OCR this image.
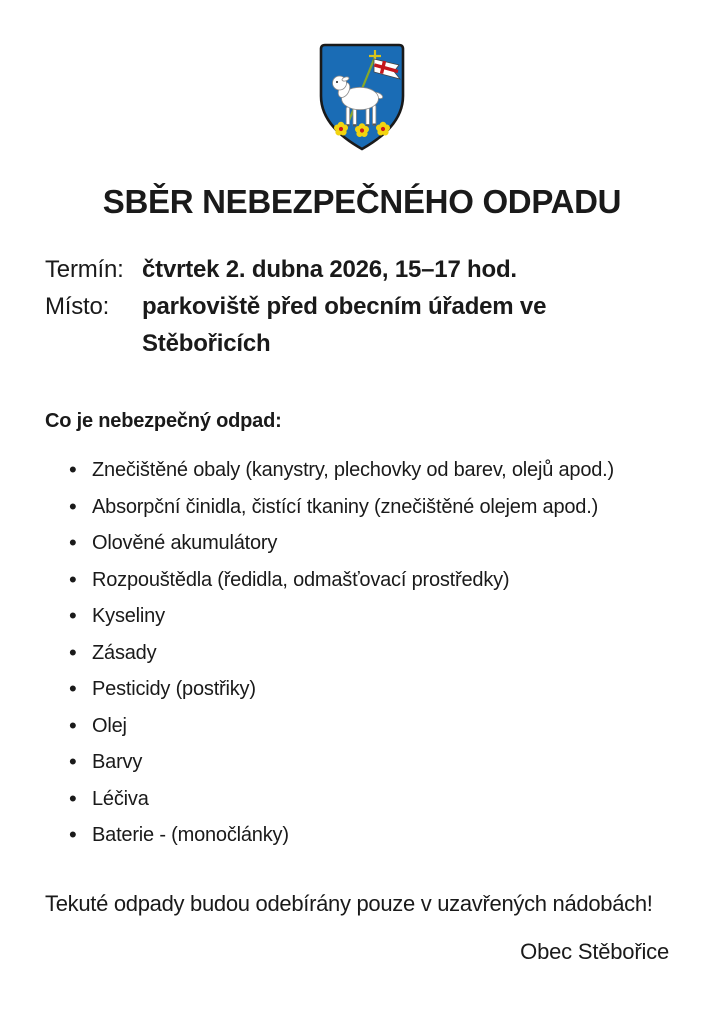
SBĚR NEBEZPEČNÉHO ODPADU
Termín: čtvrtek 2. dubna 2026, 15–17 hod.
Místo:	parkoviště před obecním úřadem ve Stěbořicích
Co je nebezpečný odpad:
• Znečištěné obaly (kanystry, plechovky od barev, olejů apod.)
• Absorpční činidla, čistící tkaniny (znečištěné olejem apod.)
• Olověné akumulátory
• Rozpouštědla (ředidla, odmašťovací prostředky)
• Kyseliny
• Zásady
• Pesticidy (postřiky)
• Olej
• Barvy
• Léčiva
• Baterie - (monočlánky)

Tekuté odpady budou odebírány pouze v uzavřených nádobách!

Obec Stěbořice
